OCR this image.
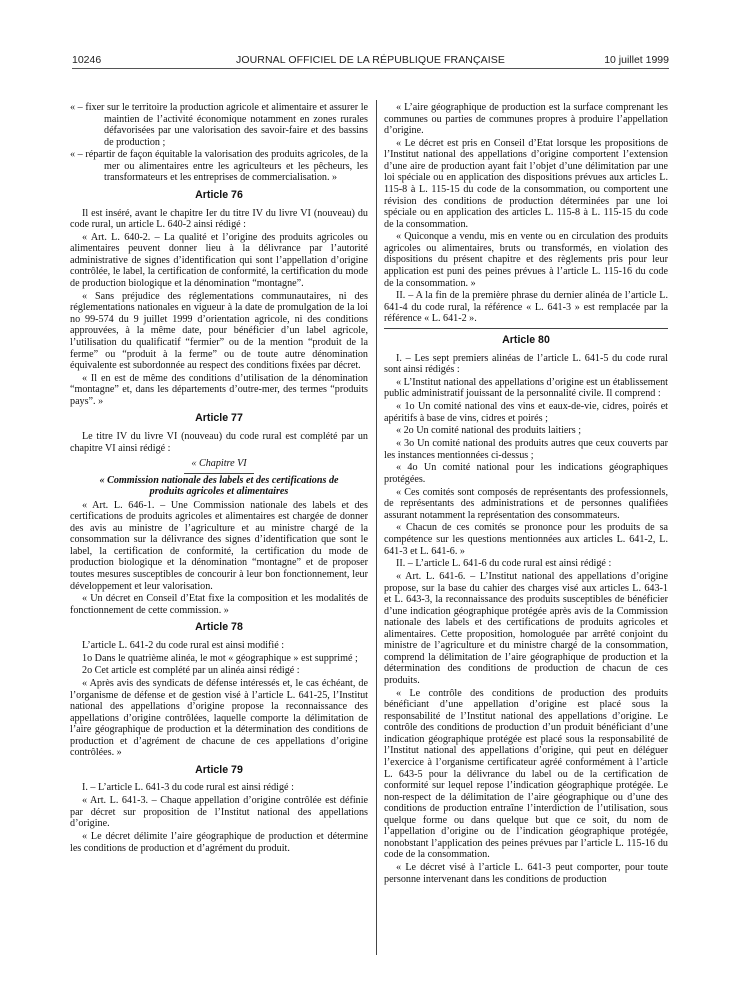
10246	JOURNAL OFFICIEL DE LA RÉPUBLIQUE FRANÇAISE	10 juillet 1999
« – fixer sur le territoire la production agricole et alimentaire et assurer le maintien de l’activité économique notamment en zones rurales défavorisées par une valorisation des savoir-faire et des bassins de production ;
« – répartir de façon équitable la valorisation des produits agricoles, de la mer ou alimentaires entre les agriculteurs et les pêcheurs, les transformateurs et les entreprises de commercialisation. »
Article 76

Il est inséré, avant le chapitre Ier du titre IV du livre VI (nouveau) du code rural, un article L. 640-2 ainsi rédigé :

« Art. L. 640-2. – La qualité et l’origine des produits agricoles ou alimentaires peuvent donner lieu à la délivrance par l’autorité administrative de signes d’identification qui sont l’appellation d’origine contrôlée, le label, la certification de conformité, la certification du mode de production biologique et la dénomination “montagne”.

« Sans préjudice des réglementations communautaires, ni des réglementations nationales en vigueur à la date de promulgation de la loi no 99-574 du 9 juillet 1999 d’orientation agricole, ni des conditions approuvées, à la même date, pour bénéficier d’un label agricole, l’utilisation du qualificatif “fermier” ou de la mention “produit de la ferme” ou “produit à la ferme” ou de toute autre dénomination équivalente est subordonnée au respect des conditions fixées par décret.

« Il en est de même des conditions d’utilisation de la dénomination “montagne” et, dans les départements d’outre-mer, des termes “produits pays”. »

Article 77

Le titre IV du livre VI (nouveau) du code rural est complété par un chapitre VI ainsi rédigé :

« Chapitre VI
« Commission nationale des labels et des certifications de produits agricoles et alimentaires

« Art. L. 646-1. – Une Commission nationale des labels et des certifications de produits agricoles et alimentaires est chargée de donner des avis au ministre de l’agriculture et au ministre chargé de la consommation sur la délivrance des signes d’identification que sont le label, la certification de conformité, la certification du mode de production biologique et la dénomination “montagne” et de proposer toutes mesures susceptibles de concourir à leur bon fonctionnement, leur développement et leur valorisation.

« Un décret en Conseil d’Etat fixe la composition et les modalités de fonctionnement de cette commission. »

Article 78

L’article L. 641-2 du code rural est ainsi modifié :

1o Dans le quatrième alinéa, le mot « géographique » est supprimé ;

2o Cet article est complété par un alinéa ainsi rédigé :

« Après avis des syndicats de défense intéressés et, le cas échéant, de l’organisme de défense et de gestion visé à l’article L. 641-25, l’Institut national des appellations d’origine propose la reconnaissance des appellations d’origine contrôlées, laquelle comporte la délimitation de l’aire géographique de production et la détermination des conditions de production et d’agrément de chacune de ces appellations d’origine contrôlées. »

Article 79

I. – L’article L. 641-3 du code rural est ainsi rédigé :

« Art. L. 641-3. – Chaque appellation d’origine contrôlée est définie par décret sur proposition de l’Institut national des appellations d’origine.

« Le décret délimite l’aire géographique de production et détermine les conditions de production et d’agrément du produit.

« L’aire géographique de production est la surface comprenant les communes ou parties de communes propres à produire l’appellation d’origine.

« Le décret est pris en Conseil d’Etat lorsque les propositions de l’Institut national des appellations d’origine comportent l’extension d’une aire de production ayant fait l’objet d’une délimitation par une loi spéciale ou en application des dispositions prévues aux articles L. 115-8 à L. 115-15 du code de la consommation, ou comportent une révision des conditions de production déterminées par une loi spéciale ou en application des articles L. 115-8 à L. 115-15 du code de la consommation.

« Quiconque a vendu, mis en vente ou en circulation des produits agricoles ou alimentaires, bruts ou transformés, en violation des dispositions du présent chapitre et des règlements pris pour leur application est puni des peines prévues à l’article L. 115-16 du code de la consommation. »

II. – A la fin de la première phrase du dernier alinéa de l’article L. 641-4 du code rural, la référence « L. 641-3 » est remplacée par la référence « L. 641-2 ».

Article 80

I. – Les sept premiers alinéas de l’article L. 641-5 du code rural sont ainsi rédigés :

« L’Institut national des appellations d’origine est un établissement public administratif jouissant de la personnalité civile. Il comprend :

« 1o Un comité national des vins et eaux-de-vie, cidres, poirés et apéritifs à base de vins, cidres et poirés ;

« 2o Un comité national des produits laitiers ;

« 3o Un comité national des produits autres que ceux couverts par les instances mentionnées ci-dessus ;

« 4o Un comité national pour les indications géographiques protégées.

« Ces comités sont composés de représentants des professionnels, de représentants des administrations et de personnes qualifiées assurant notamment la représentation des consommateurs.

« Chacun de ces comités se prononce pour les produits de sa compétence sur les questions mentionnées aux articles L. 641-2, L. 641-3 et L. 641-6. »

II. – L’article L. 641-6 du code rural est ainsi rédigé :

« Art. L. 641-6. – L’Institut national des appellations d’origine propose, sur la base du cahier des charges visé aux articles L. 643-1 et L. 643-3, la reconnaissance des produits susceptibles de bénéficier d’une indication géographique protégée après avis de la Commission nationale des labels et des certifications de produits agricoles et alimentaires. Cette proposition, homologuée par arrêté conjoint du ministre de l’agriculture et du ministre chargé de la consommation, comprend la délimitation de l’aire géographique de production et la détermination des conditions de production de chacun de ces produits.

« Le contrôle des conditions de production des produits bénéficiant d’une appellation d’origine est placé sous la responsabilité de l’Institut national des appellations d’origine. Le contrôle des conditions de production d’un produit bénéficiant d’une indication géographique protégée est placé sous la responsabilité de l’Institut national des appellations d’origine, qui peut en déléguer l’exercice à l’organisme certificateur agréé conformément à l’article L. 643-5 pour la délivrance du label ou de la certification de conformité sur lequel repose l’indication géographique protégée. Le non-respect de la délimitation de l’aire géographique ou d’une des conditions de production entraîne l’interdiction de l’utilisation, sous quelque forme ou dans quelque but que ce soit, du nom de l’appellation d’origine ou de l’indication géographique protégée, nonobstant l’application des peines prévues par l’article L. 115-16 du code de la consommation.

« Le décret visé à l’article L. 641-3 peut comporter, pour toute personne intervenant dans les conditions de production
